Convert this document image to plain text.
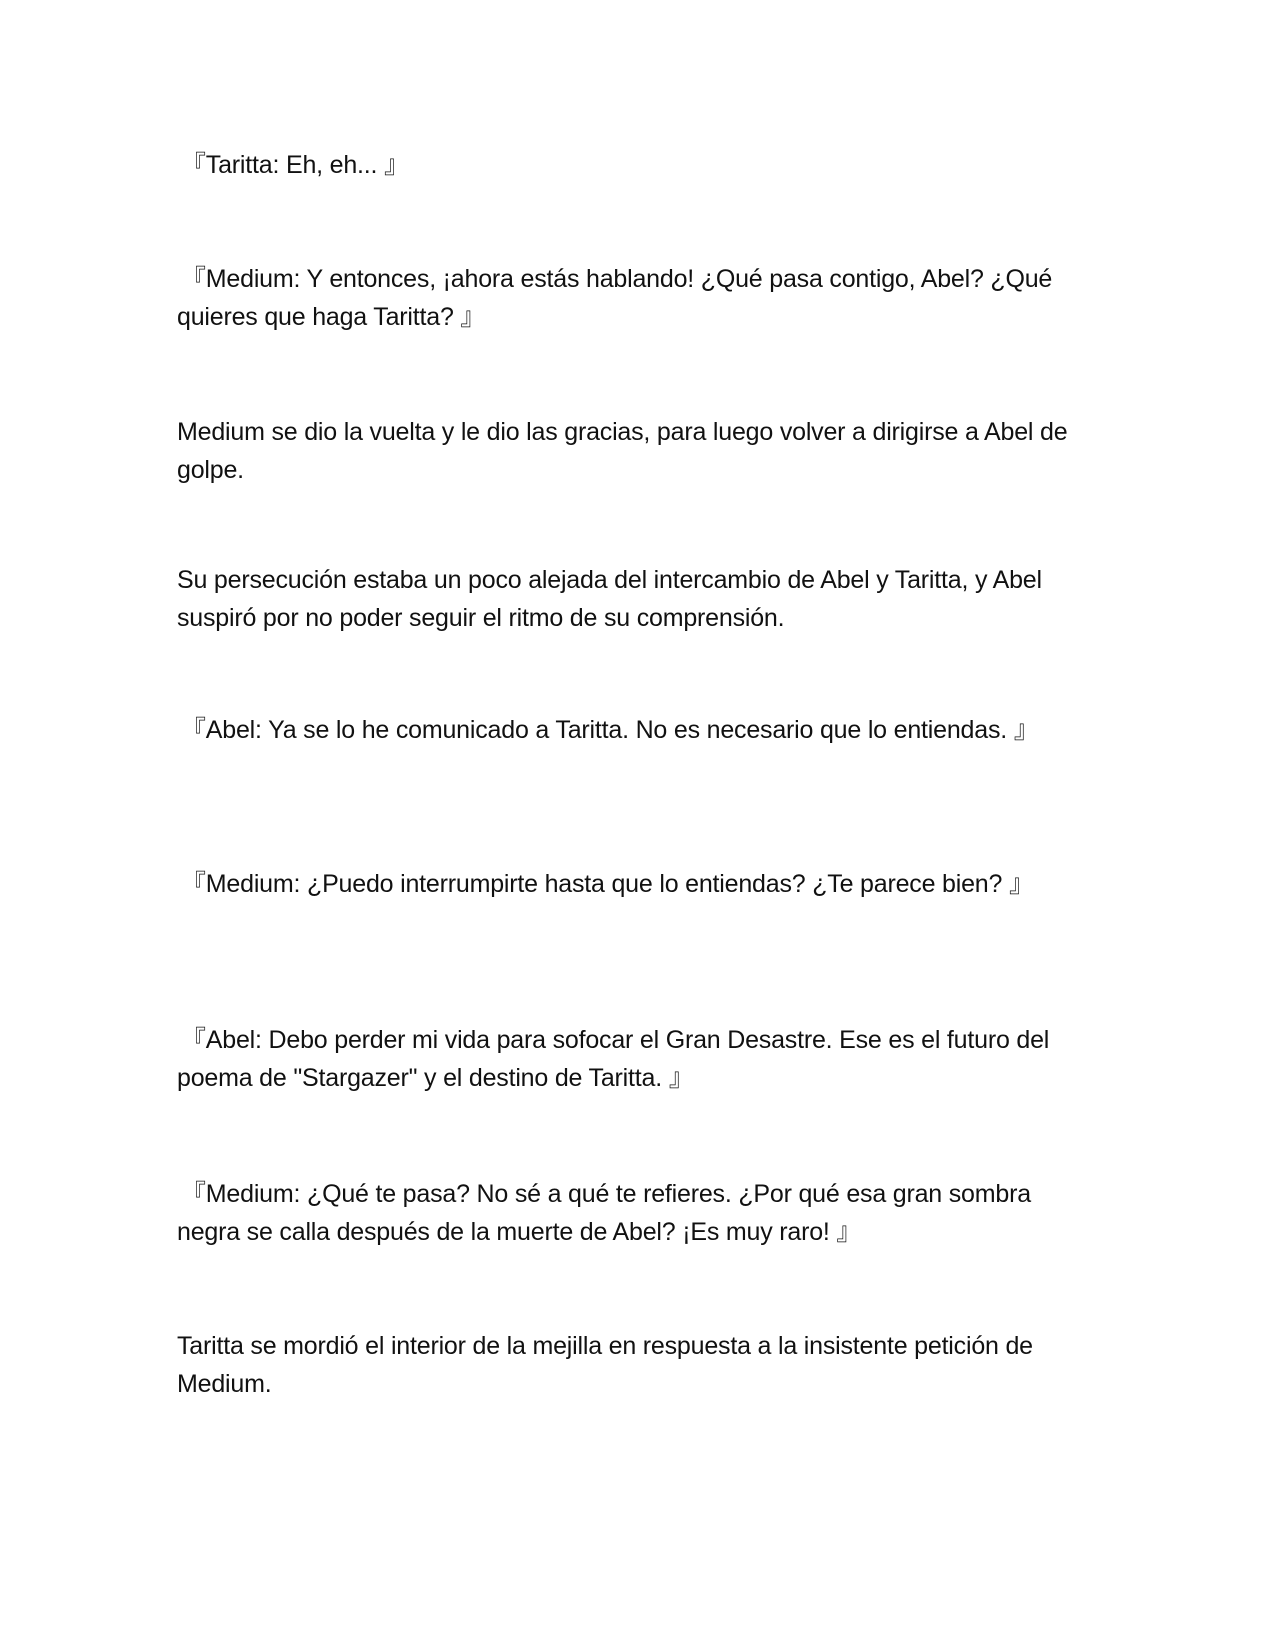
『Taritta: Eh, eh... 』

『Medium: Y entonces, ¡ahora estás hablando! ¿Qué pasa contigo, Abel? ¿Qué quieres que haga Taritta? 』

Medium se dio la vuelta y le dio las gracias, para luego volver a dirigirse a Abel de golpe.

Su persecución estaba un poco alejada del intercambio de Abel y Taritta, y Abel suspiró por no poder seguir el ritmo de su comprensión.

『Abel: Ya se lo he comunicado a Taritta. No es necesario que lo entiendas. 』

『Medium: ¿Puedo interrumpirte hasta que lo entiendas? ¿Te parece bien? 』

『Abel: Debo perder mi vida para sofocar el Gran Desastre. Ese es el futuro del poema de "Stargazer" y el destino de Taritta. 』

『Medium: ¿Qué te pasa? No sé a qué te refieres. ¿Por qué esa gran sombra negra se calla después de la muerte de Abel? ¡Es muy raro! 』

Taritta se mordió el interior de la mejilla en respuesta a la insistente petición de Medium.
